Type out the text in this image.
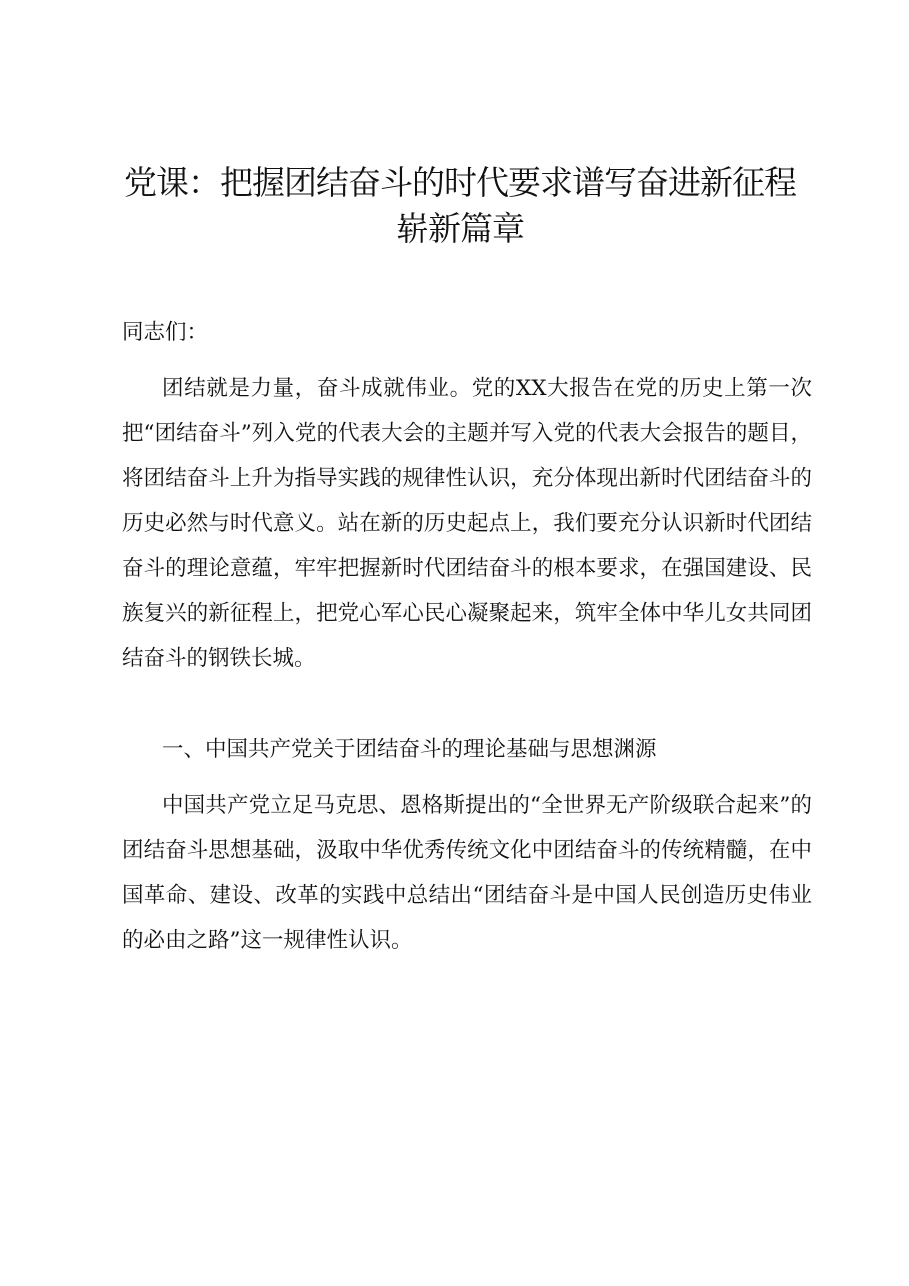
党课：把握团结奋斗的时代要求谱写奋进新征程崭新篇章

同志们：

团结就是力量，奋斗成就伟业。党的XX大报告在党的历史上第一次把“团结奋斗”列入党的代表大会的主题并写入党的代表大会报告的题目，将团结奋斗上升为指导实践的规律性认识，充分体现出新时代团结奋斗的历史必然与时代意义。站在新的历史起点上，我们要充分认识新时代团结奋斗的理论意蕴，牢牢把握新时代团结奋斗的根本要求，在强国建设、民族复兴的新征程上，把党心军心民心凝聚起来，筑牢全体中华儿女共同团结奋斗的钢铁长城。

一、中国共产党关于团结奋斗的理论基础与思想渊源

中国共产党立足马克思、恩格斯提出的“全世界无产阶级联合起来”的团结奋斗思想基础，汲取中华优秀传统文化中团结奋斗的传统精髓，在中国革命、建设、改革的实践中总结出“团结奋斗是中国人民创造历史伟业的必由之路”这一规律性认识。
